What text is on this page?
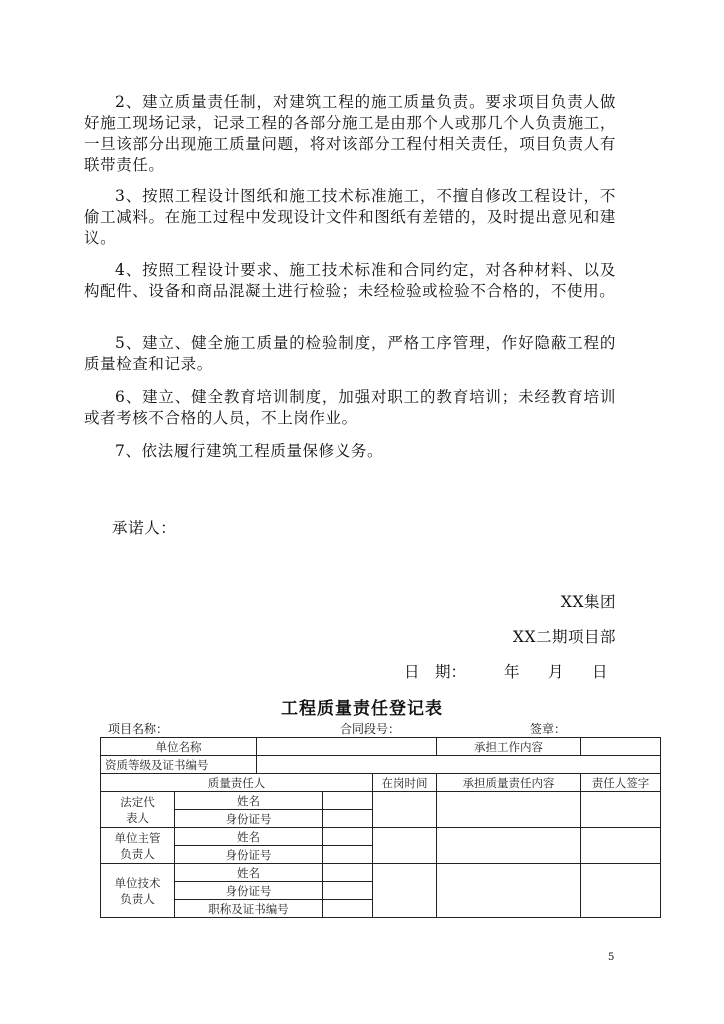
2、建立质量责任制，对建筑工程的施工质量负责。要求项目负责人做好施工现场记录，记录工程的各部分施工是由那个人或那几个人负责施工，一旦该部分出现施工质量问题，将对该部分工程付相关责任，项目负责人有联带责任。

3、按照工程设计图纸和施工技术标准施工，不擅自修改工程设计，不偷工减料。在施工过程中发现设计文件和图纸有差错的，及时提出意见和建议。

4、按照工程设计要求、施工技术标准和合同约定，对各种材料、以及构配件、设备和商品混凝土进行检验；未经检验或检验不合格的，不使用。

5、建立、健全施工质量的检验制度，严格工序管理，作好隐蔽工程的质量检查和记录。

6、建立、健全教育培训制度，加强对职工的教育培训；未经教育培训或者考核不合格的人员，不上岗作业。

7、依法履行建筑工程质量保修义务。

承诺人：
XX集团
XX二期项目部
日　期： 年 月 日
工程质量责任登记表
项目名称：	合同段号：	签章：
单位名称					承担工作内容	
资质等级及证书编号						
质量责任人				在岗时间	承担质量责任内容	责任人签字

法定代
表人	姓名					
	身份证号					

单位主管
负责人	姓名					
	身份证号					

单位技术
负责人	姓名					
	身份证号					
	职称及证书编号					
5
